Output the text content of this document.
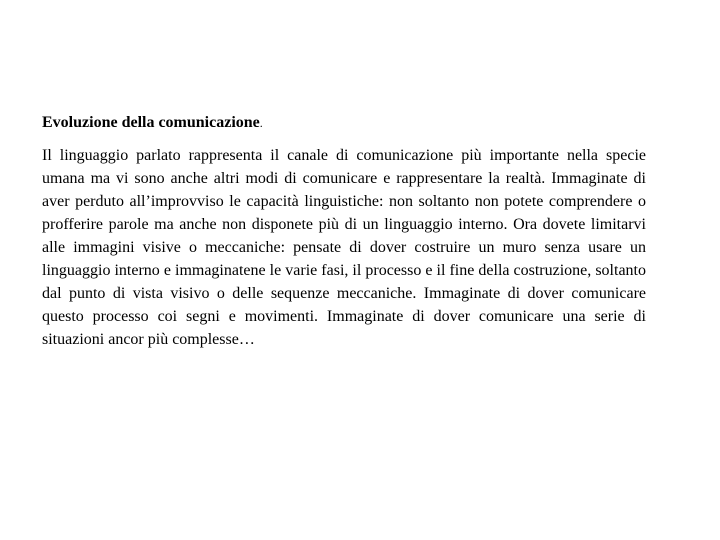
Evoluzione della comunicazione.

Il linguaggio parlato rappresenta il canale di comunicazione più importante nella specie umana ma vi sono anche altri modi di comunicare e rappresentare la realtà. Immaginate di aver perduto all’improvviso le capacità linguistiche: non soltanto non potete comprendere o profferire parole ma anche non disponete più di un linguaggio interno. Ora dovete limitarvi alle immagini visive o meccaniche: pensate di dover costruire un muro senza usare un linguaggio interno e immaginatene le varie fasi, il processo e il fine della costruzione, soltanto dal punto di vista visivo o delle sequenze meccaniche. Immaginate di dover comunicare questo processo coi segni e movimenti. Immaginate di dover comunicare una serie di situazioni ancor più complesse…
